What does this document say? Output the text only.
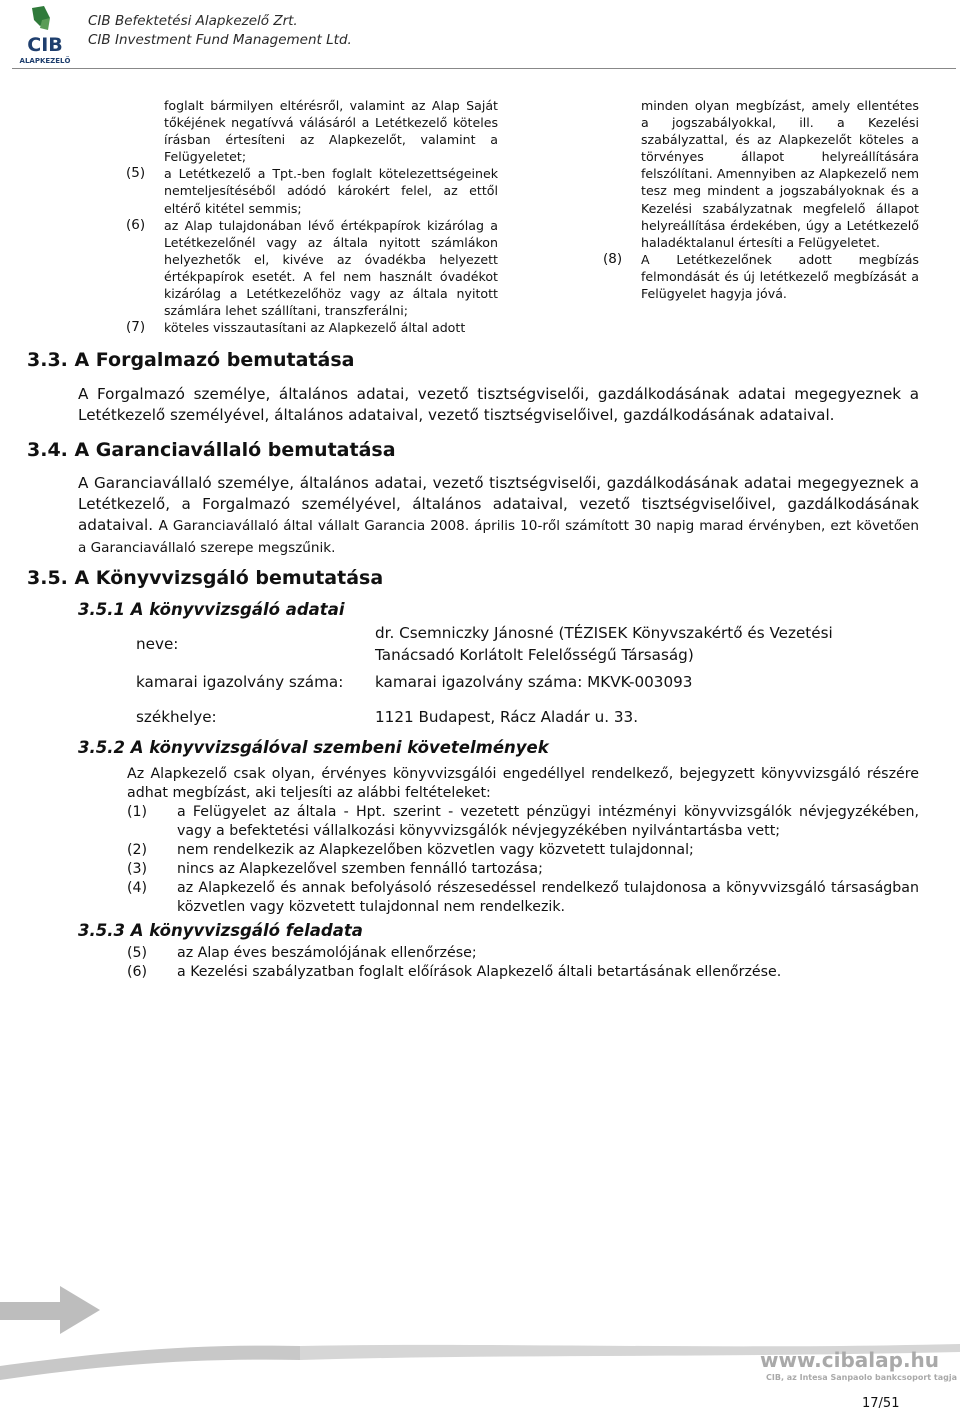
CIB
ALAPKEZELŐ
CIB Befektetési Alapkezelő Zrt.
CIB Investment Fund Management Ltd.
foglalt bármilyen eltérésről, valamint az Alap Saját tőkéjének negatívvá válásáról a Letétkezelő köteles írásban értesíteni az Alapkezelőt, valamint a Felügyeletet;
(5) a Letétkezelő a Tpt.-ben foglalt kötelezettségeinek nemteljesítéséből adódó károkért felel, az ettől eltérő kitétel semmis;
(6) az Alap tulajdonában lévő értékpapírok kizárólag a Letétkezelőnél vagy az általa nyitott számlákon helyezhetők el, kivéve az óvadékba helyezett értékpapírok esetét. A fel nem használt óvadékot kizárólag a Letétkezelőhöz vagy az általa nyitott számlára lehet szállítani, transzferálni;
(7) köteles visszautasítani az Alapkezelő által adott
minden olyan megbízást, amely ellentétes a jogszabályokkal, ill. a Kezelési szabályzattal, és az Alapkezelőt köteles a törvényes állapot helyreállítására felszólítani. Amennyiben az Alapkezelő nem tesz meg mindent a jogszabályoknak és a Kezelési szabályzatnak megfelelő állapot helyreállítása érdekében, úgy a Letétkezelő haladéktalanul értesíti a Felügyeletet.
(8) A Letétkezelőnek adott megbízás felmondását és új letétkezelő megbízását a Felügyelet hagyja jóvá.
3.3. A Forgalmazó bemutatása
A Forgalmazó személye, általános adatai, vezető tisztségviselői, gazdálkodásának adatai megegyeznek a Letétkezelő személyével, általános adataival, vezető tisztségviselőivel, gazdálkodásának adataival.
3.4. A Garanciavállaló bemutatása
A Garanciavállaló személye, általános adatai, vezető tisztségviselői, gazdálkodásának adatai megegyeznek a Letétkezelő, a Forgalmazó személyével, általános adataival, vezető tisztségviselőivel, gazdálkodásának adataival. A Garanciavállaló által vállalt Garancia 2008. április 10-ről számított 30 napig marad érvényben, ezt követően a Garanciavállaló szerepe megszűnik.
3.5. A Könyvvizsgáló bemutatása
3.5.1 A könyvvizsgáló adatai
neve:
dr. Csemniczky Jánosné (TÉZISEK Könyvszakértő és Vezetési Tanácsadó Korlátolt Felelősségű Társaság)
kamarai igazolvány száma: kamarai igazolvány száma: MKVK-003093
székhelye:	1121 Budapest, Rácz Aladár u. 33.
3.5.2 A könyvvizsgálóval szembeni követelmények
Az Alapkezelő csak olyan, érvényes könyvvizsgálói engedéllyel rendelkező, bejegyzett könyvvizsgáló részére adhat megbízást, aki teljesíti az alábbi feltételeket:
(1) a Felügyelet az általa - Hpt. szerint - vezetett pénzügyi intézményi könyvvizsgálók névjegyzékében, vagy a befektetési vállalkozási könyvvizsgálók névjegyzékében nyilvántartásba vett;
(2) nem rendelkezik az Alapkezelőben közvetlen vagy közvetett tulajdonnal;
(3) nincs az Alapkezelővel szemben fennálló tartozása;
(4) az Alapkezelő és annak befolyásoló részesedéssel rendelkező tulajdonosa a könyvvizsgáló társaságban közvetlen vagy közvetett tulajdonnal nem rendelkezik.
3.5.3 A könyvvizsgáló feladata
(5) az Alap éves beszámolójának ellenőrzése;
(6) a Kezelési szabályzatban foglalt előírások Alapkezelő általi betartásának ellenőrzése.
www.cibalap.hu
CIB, az Intesa Sanpaolo bankcsoport tagja
17/51
